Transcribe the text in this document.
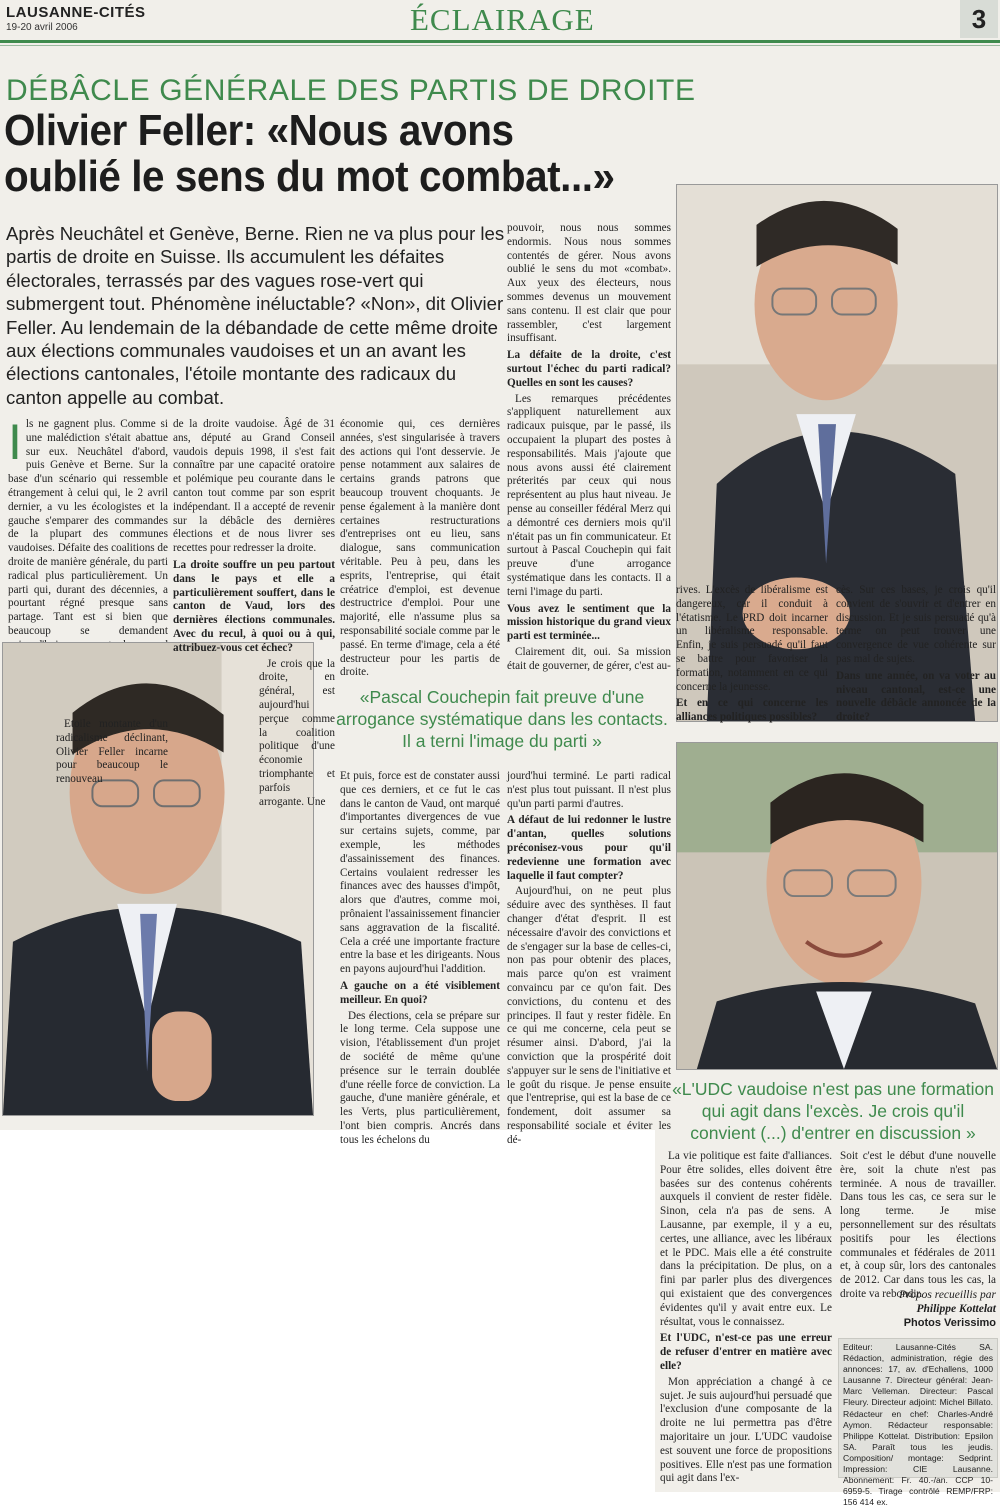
LAUSANNE-CITÉS
19-20 avril 2006	ÉCLAIRAGE	3
DÉBÂCLE GÉNÉRALE DES PARTIS DE DROITE
Olivier Feller: «Nous avons oublié le sens du mot combat...»
Après Neuchâtel et Genève, Berne. Rien ne va plus pour les partis de droite en Suisse. Ils accumulent les défaites électorales, terrassés par des vagues rose-vert qui submergent tout. Phénomène inéluctable? «Non», dit Olivier Feller. Au lendemain de la débandade de cette même droite aux élections communales vaudoises et un an avant les élections cantonales, l'étoile montante des radicaux du canton appelle au combat.

Ils ne gagnent plus. Comme si une malédiction s'était abattue sur eux. Neuchâtel d'abord, puis Genève et Berne. Sur la base d'un scénario qui ressemble étrangement à celui qui, le 2 avril dernier, a vu les écologistes et la gauche s'emparer des commandes de la plupart des communes vaudoises. Défaite des coalitions de droite de manière générale, du parti radical plus particulièrement. Un parti qui, durant des décennies, a pourtant régné presque sans partage. Tant est si bien que beaucoup se demandent

Etoile montante d'un radicalisme déclinant, Olivier Feller incarne pour beaucoup le renouveau

de la droite vaudoise. Âgé de 31 ans, député au Grand Conseil vaudois depuis 1998, il s'est fait connaître par une capacité oratoire et polémique peu courante dans le canton tout comme par son esprit indépendant. Il a accepté de revenir sur la débâcle des dernières élections et de nous livrer ses recettes pour redresser la droite.

La droite souffre un peu partout dans le pays et elle a particulièrement souffert, dans le canton de Vaud, lors des dernières élections communales. Avec du recul, à quoi ou à qui, attribuez-vous cet échec?

Je crois que la droite, en général, est aujourd'hui perçue comme la coalition politique d'une économie triomphante et parfois arrogante. Une

économie qui, ces dernières années, s'est singularisée à travers des actions qui l'ont desservie. Je pense notamment aux salaires de certains grands patrons que beaucoup trouvent choquants. Je pense également à la manière dont certaines restructurations d'entreprises ont eu lieu, sans dialogue, sans communication véritable. Peu à peu, dans les esprits, l'entreprise, qui était créatrice d'emploi, est devenue destructrice d'emploi. Pour une majorité, elle n'assume plus sa responsabilité sociale comme par le passé. En terme d'image, cela a été destructeur pour les partis de droite.

pouvoir, nous nous sommes endormis. Nous nous sommes contentés de gérer. Nous avons oublié le sens du mot «combat». Aux yeux des électeurs, nous sommes devenus un mouvement sans contenu. Il est clair que pour rassembler, c'est largement insuffisant.

La défaite de la droite, c'est surtout l'échec du parti radical? Quelles en sont les causes?

Les remarques précédentes s'appliquent naturellement aux radicaux puisque, par le passé, ils occupaient la plupart des postes à responsabilités. Mais j'ajoute que nous avons aussi été clairement préterités par ceux qui nous représentent au plus haut niveau. Je pense au conseiller fédéral Merz qui a démontré ces derniers mois qu'il n'était pas un fin communicateur. Et surtout à Pascal Couchepin qui fait preuve d'une arrogance systématique dans les contacts. Il a terni l'image du parti.

Vous avez le sentiment que la mission historique du grand vieux parti est terminée...

Clairement dit, oui. Sa mission était de gouverner, de gérer, c'est au-

rives. L'excès de libéralisme est dangereux, car il conduit à l'étatisme. Le PRD doit incarner un libéralisme responsable. Enfin, je suis persuadé qu'il faut se battre pour favoriser la formation, notamment en ce qui concerne la jeunesse.

Et en ce qui concerne les alliances politiques possibles?

cès. Sur ces bases, je crois qu'il convient de s'ouvrir et d'entrer en discussion. Et je suis persuadé qu'à terme on peut trouver une convergence de vue cohérente sur pas mal de sujets.

Dans une année, on va voter au niveau cantonal, est-ce une nouvelle débâcle annoncée de la droite?

«Pascal Couchepin fait preuve d'une arrogance systématique dans les contacts. Il a terni l'image du parti »

Et puis, force est de constater aussi que ces derniers, et ce fut le cas dans le canton de Vaud, ont marqué d'importantes divergences de vue sur certains sujets, comme, par exemple, les méthodes d'assainissement des finances. Certains voulaient redresser les finances avec des hausses d'impôt, alors que d'autres, comme moi, prônaient l'assainissement financier sans aggravation de la fiscalité. Cela a créé une importante fracture entre la base et les dirigeants. Nous en payons aujourd'hui l'addition.

A gauche on a été visiblement meilleur. En quoi?

Des élections, cela se prépare sur le long terme. Cela suppose une vision, l'établissement d'un projet de société de même qu'une présence sur le terrain doublée d'une réelle force de conviction. La gauche, d'une manière générale, et les Verts, plus particulièrement, l'ont bien compris. Ancrés dans tous les échelons du

jourd'hui terminé. Le parti radical n'est plus tout puissant. Il n'est plus qu'un parti parmi d'autres.

A défaut de lui redonner le lustre d'antan, quelles solutions préconisez-vous pour qu'il redevienne une formation avec laquelle il faut compter?

Aujourd'hui, on ne peut plus séduire avec des synthèses. Il faut changer d'état d'esprit. Il est nécessaire d'avoir des convictions et de s'engager sur la base de celles-ci, non pas pour obtenir des places, mais parce qu'on est vraiment convaincu par ce qu'on fait. Des convictions, du contenu et des principes. Il faut y rester fidèle. En ce qui me concerne, cela peut se résumer ainsi. D'abord, j'ai la conviction que la prospérité doit s'appuyer sur le sens de l'initiative et le goût du risque. Je pense ensuite que l'entreprise, qui est la base de ce fondement, doit assumer sa responsabilité sociale et éviter les dé-

«L'UDC vaudoise n'est pas une formation qui agit dans l'excès. Je crois qu'il convient (...) d'entrer en discussion »

La vie politique est faite d'alliances. Pour être solides, elles doivent être basées sur des contenus cohérents auxquels il convient de rester fidèle. Sinon, cela n'a pas de sens. A Lausanne, par exemple, il y a eu, certes, une alliance, avec les libéraux et le PDC. Mais elle a été construite dans la précipitation. De plus, on a fini par parler plus des divergences qui existaient que des convergences évidentes qu'il y avait entre eux. Le résultat, vous le connaissez.

Et l'UDC, n'est-ce pas une erreur de refuser d'entrer en matière avec elle?

Mon appréciation a changé à ce sujet. Je suis aujourd'hui persuadé que l'exclusion d'une composante de la droite ne lui permettra pas d'être majoritaire un jour. L'UDC vaudoise est souvent une force de propositions positives. Elle n'est pas une formation qui agit dans l'ex-

Soit c'est le début d'une nouvelle ère, soit la chute n'est pas terminée. A nous de travailler. Dans tous les cas, ce sera sur le long terme. Je mise personnellement sur des résultats positifs pour les élections communales et fédérales de 2011 et, à coup sûr, lors des cantonales de 2012. Car dans tous les cas, la droite va rebondir.

Propos recueillis par
Philippe Kottelat
Photos Verissimo
Editeur: Lausanne-Cités SA. Rédaction, administration, régie des annonces: 17, av. d'Echallens, 1000 Lausanne 7. Directeur général: Jean-Marc Velleman. Directeur: Pascal Fleury. Directeur adjoint: Michel Billato. Rédacteur en chef: Charles-André Aymon. Rédacteur responsable: Philippe Kottelat. Distribution: Epsilon SA. Paraît tous les jeudis. Composition/ montage: Sedprint. Impression: CIE Lausanne. Abonnement: Fr. 40.-/an. CCP 10-6959-5. Tirage contrôlé REMP/FRP: 156 414 ex.
